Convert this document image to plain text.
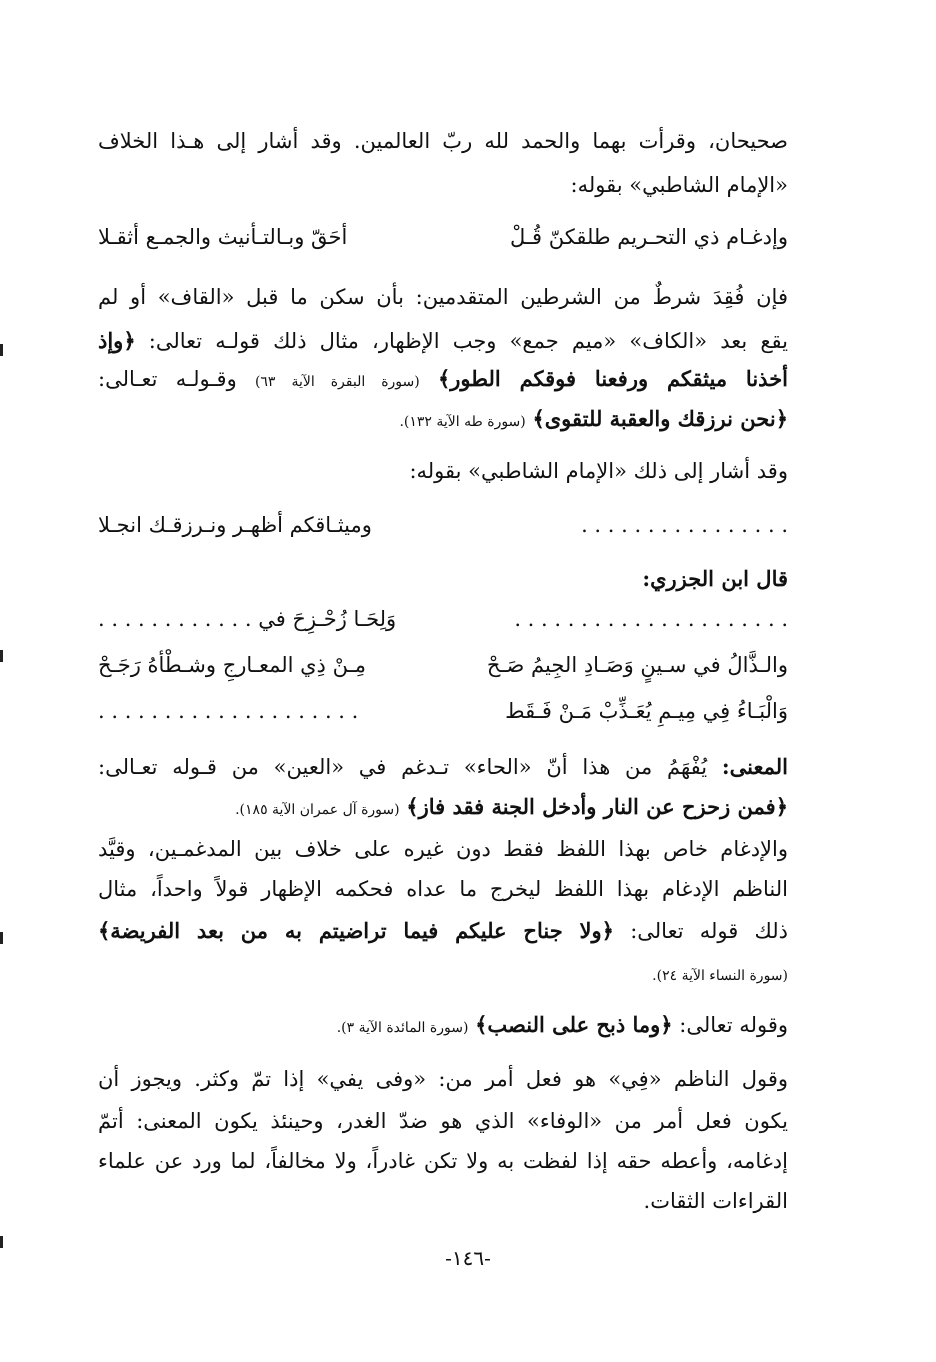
صحيحان، وقرأت بهما والحمد لله ربّ العالمين. وقد أشار إلى هـذا الخلاف
«الإمام الشاطبي» بقوله:
وإدغـام ذي التحـريم طلقكنّ قُـلْ
أحَقّ وبـالتـأنيث والجمـع أثقـلا
فإن فُقِدَ شرطٌ من الشرطين المتقدمين: بأن سكن ما قبل «القاف» أو لم
يقع بعد «الكاف» «ميم جمع» وجب الإظهار، مثال ذلك قولـه تعالى: ﴿وإذ
أخذنا ميثقكم ورفعنا فوقكم الطور﴾ (سورة البقرة الآية ٦٣) وقـولـه تعـالى:
﴿نحن نرزقك والعقبة للتقوى﴾ (سورة طه الآية ١٣٢).
وقد أشار إلى ذلك «الإمام الشاطبي» بقوله:
. . . . . . . . . . . . . . . .
وميثـاقكم أظهـر ونـرزقـك انجـلا
قال ابن الجزري:
. . . . . . . . . . . . . . . . . . . . .
وَلِحَـا زُحْـزِحَ في . . . . . . . . . . . .
والـذَّالُ في سـينٍ وَصَـادِ الجِيمُ صَـحْ
مِـنْ ذِي المعـارجِ وشـطْأهُ رَجَـحْ
وَالْبَـاءُ فِي مِيـمِ يُعَـذِّبْ مَـنْ فَـقَط
. . . . . . . . . . . . . . . . . . . .
المعنى: يُفْهَمُ من هذا أنّ «الحاء» تـدغم في «العين» من قـوله تعـالى:
﴿فمن زحزح عن النار وأدخل الجنة فقد فاز﴾ (سورة آل عمران الآية ١٨٥).
والإدغام خاص بهذا اللفظ فقط دون غيره على خلاف بين المدغمـين، وقيَّد
الناظم الإدغام بهذا اللفظ ليخرج ما عداه فحكمه الإظهار قولاً واحداً، مثال
ذلك قوله تعالى: ﴿ولا جناح عليكم فيما تراضيتم به من بعد الفريضة﴾
(سورة النساء الآية ٢٤).
وقوله تعالى: ﴿وما ذبح على النصب﴾ (سورة المائدة الآية ٣).
وقول الناظم «فِي» هو فعل أمر من: «وفى يفي» إذا تمّ وكثر. ويجوز أن
يكون فعل أمر من «الوفاء» الذي هو ضدّ الغدر، وحينئذ يكون المعنى: أتمّ
إدغامه، وأعطه حقه إذا لفظت به ولا تكن غادراً، ولا مخالفاً، لما ورد عن علماء
القراءات الثقات.
-١٤٦-
